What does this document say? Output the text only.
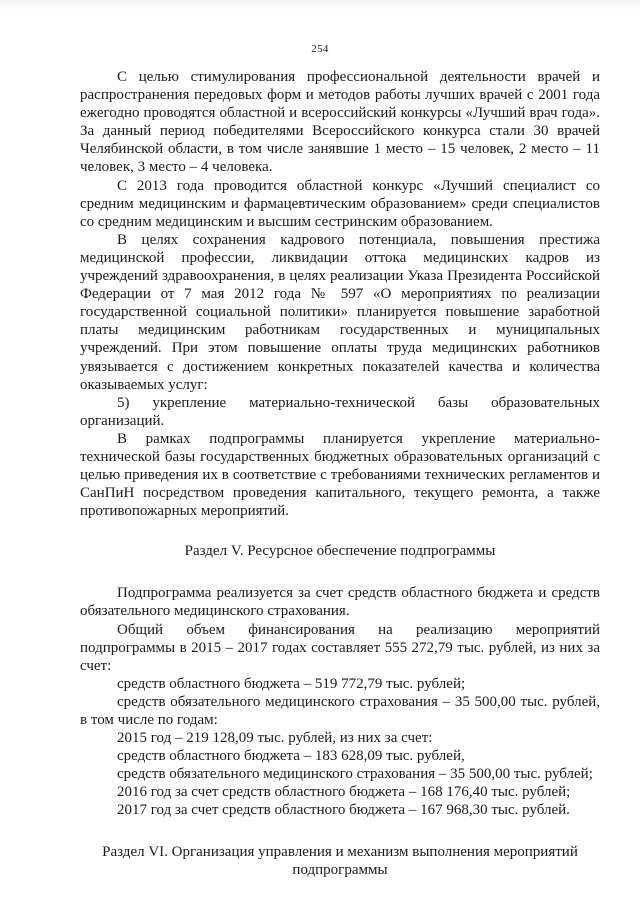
254

С целью стимулирования профессиональной деятельности врачей и распространения передовых форм и методов работы лучших врачей с 2001 года ежегодно проводятся областной и всероссийский конкурсы «Лучший врач года». За данный период победителями Всероссийского конкурса стали 30 врачей Челябинской области, в том числе занявшие 1 место – 15 человек, 2 место – 11 человек, 3 место – 4 человека.

С 2013 года проводится областной конкурс «Лучший специалист со средним медицинским и фармацевтическим образованием» среди специалистов со средним медицинским и высшим сестринским образованием.

В целях сохранения кадрового потенциала, повышения престижа медицинской профессии, ликвидации оттока медицинских кадров из учреждений здравоохранения, в целях реализации Указа Президента Российской Федерации от 7 мая 2012 года № 597 «О мероприятиях по реализации государственной социальной политики» планируется повышение заработной платы медицинским работникам государственных и муниципальных учреждений. При этом повышение оплаты труда медицинских работников увязывается с достижением конкретных показателей качества и количества оказываемых услуг:

5) укрепление материально-технической базы образовательных организаций.

В рамках подпрограммы планируется укрепление материально-технической базы государственных бюджетных образовательных организаций с целью приведения их в соответствие с требованиями технических регламентов и СанПиН посредством проведения капитального, текущего ремонта, а также противопожарных мероприятий.

Раздел V. Ресурсное обеспечение подпрограммы

Подпрограмма реализуется за счет средств областного бюджета и средств обязательного медицинского страхования.

Общий объем финансирования на реализацию мероприятий подпрограммы в 2015 – 2017 годах составляет 555 272,79 тыс. рублей, из них за счет:

средств областного бюджета – 519 772,79 тыс. рублей;

средств обязательного медицинского страхования – 35 500,00 тыс. рублей, в том числе по годам:

2015 год – 219 128,09 тыс. рублей, из них за счет:

средств областного бюджета – 183 628,09 тыс. рублей,

средств обязательного медицинского страхования – 35 500,00 тыс. рублей;

2016 год за счет средств областного бюджета – 168 176,40 тыс. рублей;

2017 год за счет средств областного бюджета – 167 968,30 тыс. рублей.

Раздел VI. Организация управления и механизм выполнения мероприятий
подпрограммы
